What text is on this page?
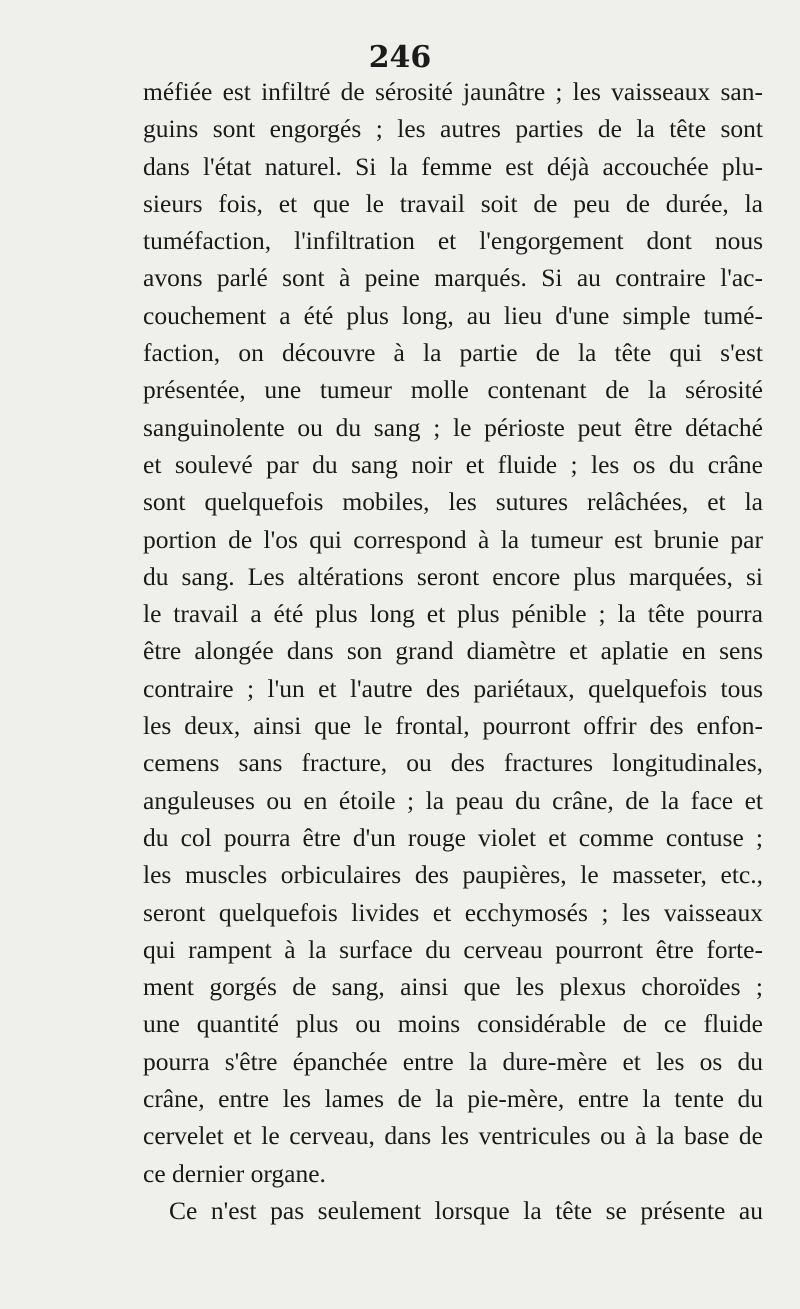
246

méfiée est infiltré de sérosité jaunâtre ; les vaisseaux san-
guins sont engorgés ; les autres parties de la tête sont
dans l'état naturel. Si la femme est déjà accouchée plu-
sieurs fois, et que le travail soit de peu de durée, la
tuméfaction, l'infiltration et l'engorgement dont nous
avons parlé sont à peine marqués. Si au contraire l'ac-
couchement a été plus long, au lieu d'une simple tumé-
faction, on découvre à la partie de la tête qui s'est
présentée, une tumeur molle contenant de la sérosité
sanguinolente ou du sang ; le périoste peut être détaché
et soulevé par du sang noir et fluide ; les os du crâne
sont quelquefois mobiles, les sutures relâchées, et la
portion de l'os qui correspond à la tumeur est brunie par
du sang. Les altérations seront encore plus marquées, si
le travail a été plus long et plus pénible ; la tête pourra
être alongée dans son grand diamètre et aplatie en sens
contraire ; l'un et l'autre des pariétaux, quelquefois tous
les deux, ainsi que le frontal, pourront offrir des enfon-
cemens sans fracture, ou des fractures longitudinales,
anguleuses ou en étoile ; la peau du crâne, de la face et
du col pourra être d'un rouge violet et comme contuse ;
les muscles orbiculaires des paupières, le masseter, etc.,
seront quelquefois livides et ecchymosés ; les vaisseaux
qui rampent à la surface du cerveau pourront être forte-
ment gorgés de sang, ainsi que les plexus choroïdes ;
une quantité plus ou moins considérable de ce fluide
pourra s'être épanchée entre la dure-mère et les os du
crâne, entre les lames de la pie-mère, entre la tente du
cervelet et le cerveau, dans les ventricules ou à la base de
ce dernier organe.
Ce n'est pas seulement lorsque la tête se présente au
